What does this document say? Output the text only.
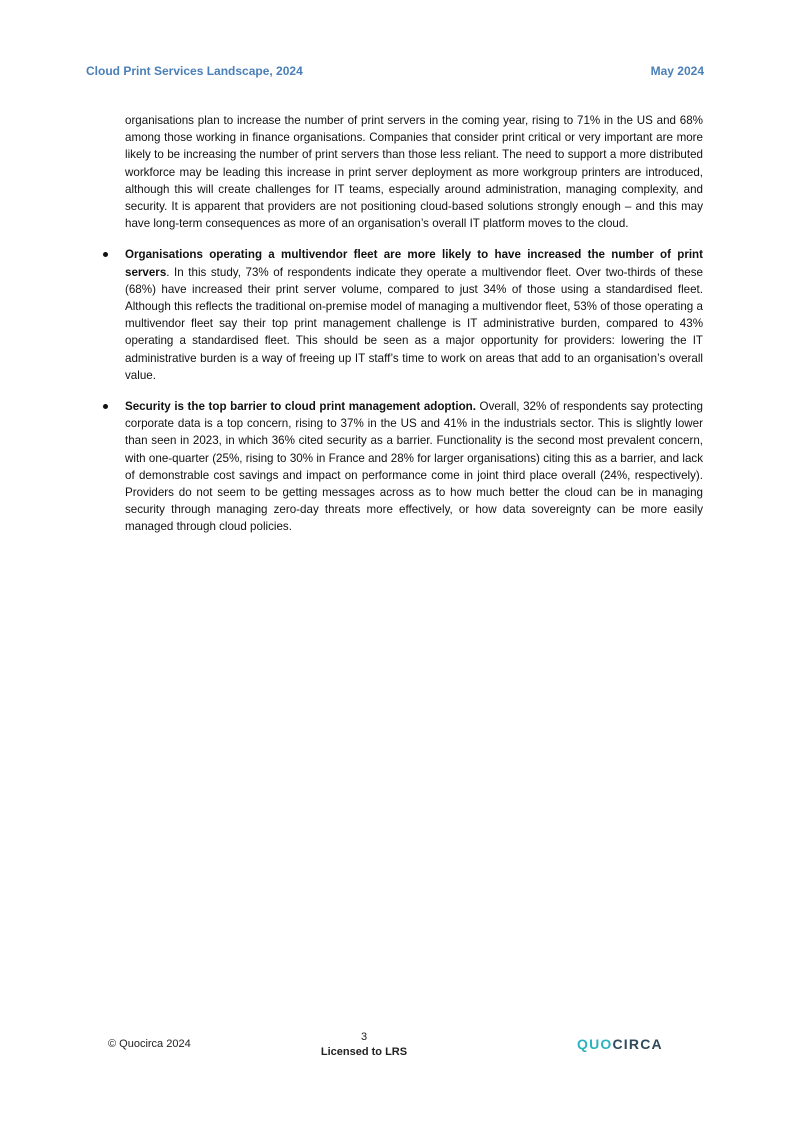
Cloud Print Services Landscape, 2024	May 2024

organisations plan to increase the number of print servers in the coming year, rising to 71% in the US and 68% among those working in finance organisations. Companies that consider print critical or very important are more likely to be increasing the number of print servers than those less reliant. The need to support a more distributed workforce may be leading this increase in print server deployment as more workgroup printers are introduced, although this will create challenges for IT teams, especially around administration, managing complexity, and security. It is apparent that providers are not positioning cloud-based solutions strongly enough – and this may have long-term consequences as more of an organisation’s overall IT platform moves to the cloud.

Organisations operating a multivendor fleet are more likely to have increased the number of print servers. In this study, 73% of respondents indicate they operate a multivendor fleet. Over two-thirds of these (68%) have increased their print server volume, compared to just 34% of those using a standardised fleet. Although this reflects the traditional on-premise model of managing a multivendor fleet, 53% of those operating a multivendor fleet say their top print management challenge is IT administrative burden, compared to 43% operating a standardised fleet. This should be seen as a major opportunity for providers: lowering the IT administrative burden is a way of freeing up IT staff’s time to work on areas that add to an organisation’s overall value.
Security is the top barrier to cloud print management adoption. Overall, 32% of respondents say protecting corporate data is a top concern, rising to 37% in the US and 41% in the industrials sector. This is slightly lower than seen in 2023, in which 36% cited security as a barrier. Functionality is the second most prevalent concern, with one-quarter (25%, rising to 30% in France and 28% for larger organisations) citing this as a barrier, and lack of demonstrable cost savings and impact on performance come in joint third place overall (24%, respectively). Providers do not seem to be getting messages across as to how much better the cloud can be in managing security through managing zero-day threats more effectively, or how data sovereignty can be more easily managed through cloud policies.
© Quocirca 2024
3
Licensed to LRS	QUOCIRCA
